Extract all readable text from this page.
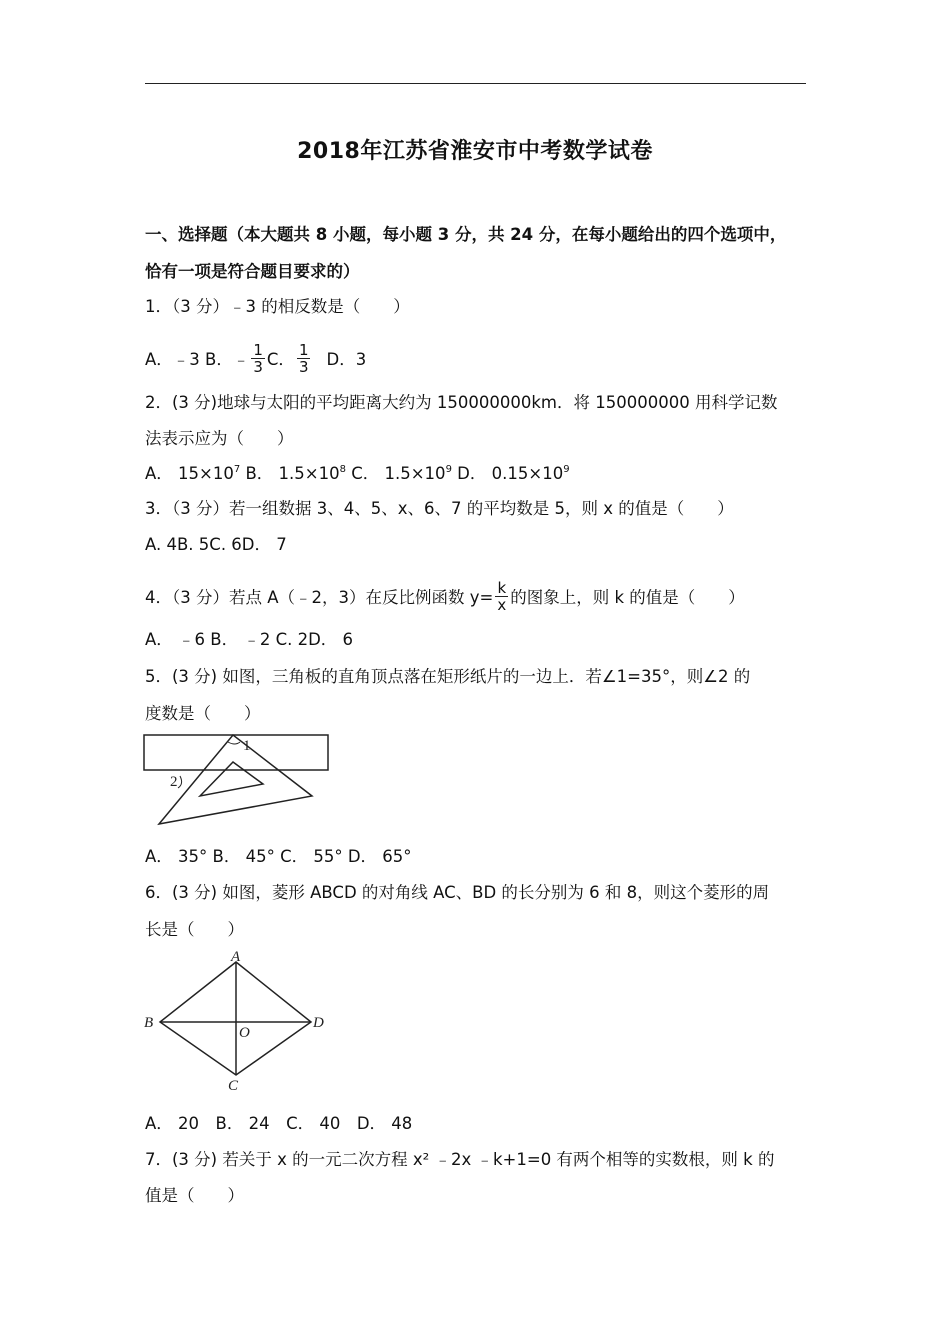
2018年江苏省淮安市中考数学试卷
一、选择题（本大题共 8 小题，每小题 3 分，共 24 分，在每小题给出的四个选项中，
恰有一项是符合题目要求的）
1．（3 分）﹣3 的相反数是（　　）
A．﹣3 B．﹣ $\frac{1}{3}$ C． $\frac{1}{3}$ D．3
2．(3 分)地球与太阳的平均距离大约为 150000000km．将 150000000 用科学记数
法表示应为（　　）
A． $15\times 10^7$ B． $1.5\times 10^8$ C． $1.5\times 10^9$ D． $0.15\times 10^9$
3．（3 分）若一组数据 3、4、5、x、6、7 的平均数是 5，则 x 的值是（　　）
A. 4B. 5C. 6D． 7
4．（3 分）若点 A（﹣2，3）在反比例函数 $y= \frac{k}{x}$ 的图象上，则 k 的值是（　　）
A． ﹣6 B． ﹣2 C. 2D． 6
5．(3 分) 如图，三角板的直角顶点落在矩形纸片的一边上．若∠1=35°，则∠2 的
度数是（　　）
1
2
A． 35° B． 45° C． 55° D． 65°
6．(3 分) 如图，菱形 ABCD 的对角线 AC、BD 的长分别为 6 和 8，则这个菱形的周
长是（　　）
A
B	D
C
O
A． 20　B． 24　C． 40　D． 48
7．(3 分) 若关于 x 的一元二次方程 x² ﹣2x ﹣k+1=0 有两个相等的实数根，则 k 的
值是（　　）
